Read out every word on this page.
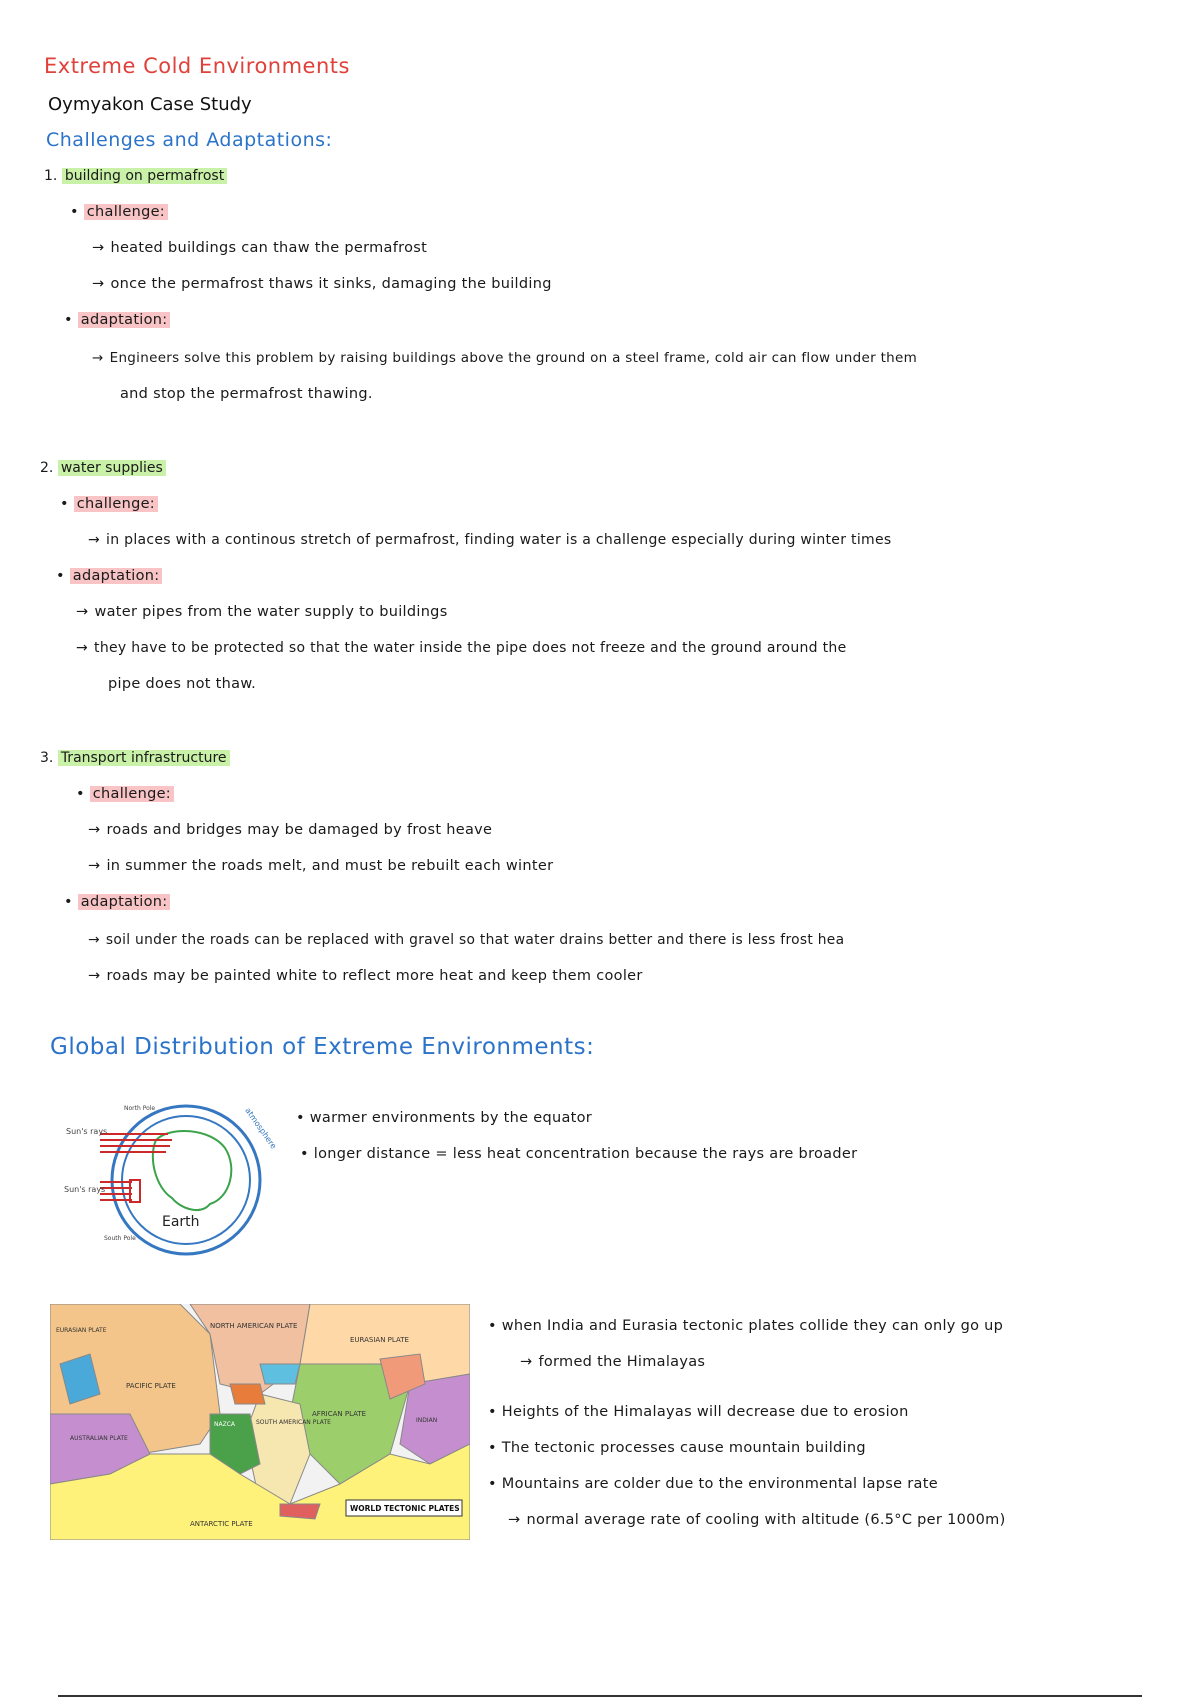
Extreme Cold Environments
Oymyakon Case Study
Challenges and Adaptations:
1. building on permafrost
• challenge:
→ heated buildings can thaw the permafrost
→ once the permafrost thaws it sinks, damaging the building
• adaptation:
→ Engineers solve this problem by raising buildings above the ground on a steel frame, cold air can flow under them
and stop the permafrost thawing.
2. water supplies
• challenge:
→ in places with a continous stretch of permafrost, finding water is a challenge especially during winter times
• adaptation:
→ water pipes from the water supply to buildings
→ they have to be protected so that the water inside the pipe does not freeze and the ground around the
pipe does not thaw.
3. Transport infrastructure
• challenge:
→ roads and bridges may be damaged by frost heave
→ in summer the roads melt, and must be rebuilt each winter
• adaptation:
→ soil under the roads can be replaced with gravel so that water drains better and there is less frost hea
→ roads may be painted white to reflect more heat and keep them cooler
Global Distribution of Extreme Environments:
Sun's rays
Sun's rays
North Pole
South Pole
Earth
atmosphere • warmer environments by the equator
• longer distance = less heat concentration because the rays are broader
NORTH AMERICAN PLATE
EURASIAN PLATE
EURASIAN PLATE
PACIFIC PLATE
AFRICAN PLATE
SOUTH AMERICAN PLATE
NAZCA
INDIAN
AUSTRALIAN PLATE
ANTARCTIC PLATE
WORLD TECTONIC PLATES
• when India and Eurasia tectonic plates collide they can only go up
→ formed the Himalayas
• Heights of the Himalayas will decrease due to erosion
• The tectonic processes cause mountain building
• Mountains are colder due to the environmental lapse rate
→ normal average rate of cooling with altitude (6.5°C per 1000m)
